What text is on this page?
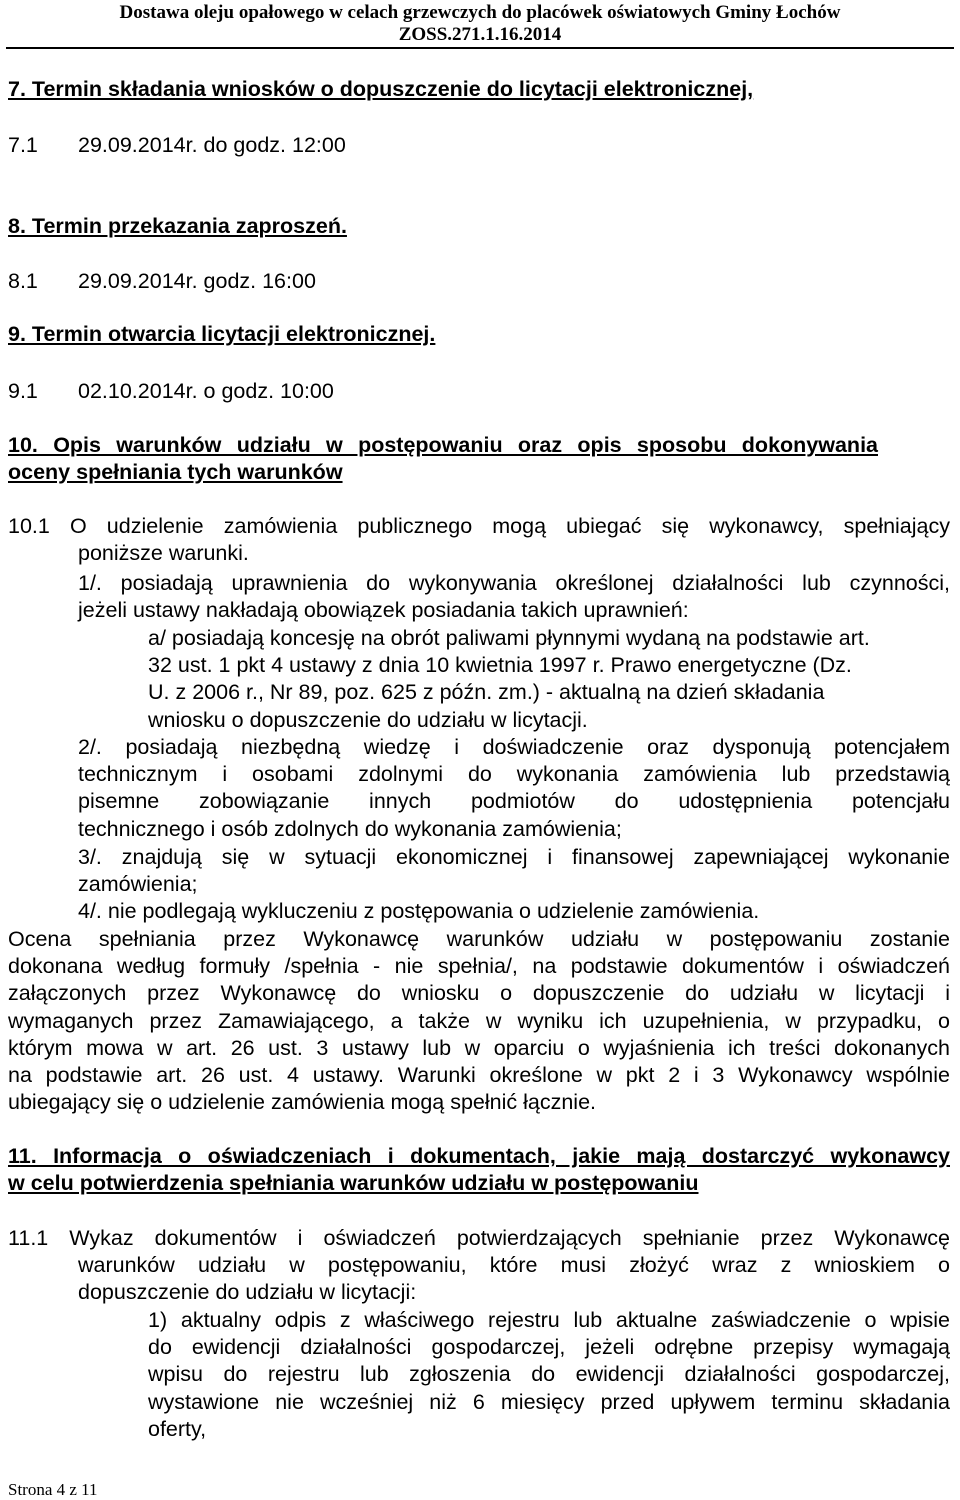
Dostawa oleju opałowego w celach grzewczych do placówek oświatowych Gminy Łochów
ZOSS.271.1.16.2014
7. Termin składania wniosków o dopuszczenie do licytacji elektronicznej,
7.1 29.09.2014r. do godz. 12:00
8. Termin przekazania zaproszeń.
8.1 29.09.2014r. godz. 16:00
9. Termin otwarcia licytacji elektronicznej.
9.1 02.10.2014r. o godz. 10:00
10. Opis warunków udziału w postępowaniu oraz opis sposobu dokonywania
oceny spełniania tych warunków
10.1 O udzielenie zamówienia publicznego mogą ubiegać się wykonawcy, spełniający
poniższe warunki.
1/. posiadają uprawnienia do wykonywania określonej działalności lub czynności,
jeżeli ustawy nakładają obowiązek posiadania takich uprawnień:
a/ posiadają koncesję na obrót paliwami płynnymi wydaną na podstawie art.
32 ust. 1 pkt 4 ustawy z dnia 10 kwietnia 1997 r. Prawo energetyczne (Dz.
U. z 2006 r., Nr 89, poz. 625 z późn. zm.) - aktualną na dzień składania
wniosku o dopuszczenie do udziału w licytacji.
2/. posiadają niezbędną wiedzę i doświadczenie oraz dysponują potencjałem
technicznym i osobami zdolnymi do wykonania zamówienia lub przedstawią
pisemne zobowiązanie innych podmiotów do udostępnienia potencjału
technicznego i osób zdolnych do wykonania zamówienia;
3/. znajdują się w sytuacji ekonomicznej i finansowej zapewniającej wykonanie
zamówienia;
4/. nie podlegają wykluczeniu z postępowania o udzielenie zamówienia.
Ocena spełniania przez Wykonawcę warunków udziału w postępowaniu zostanie
dokonana według formuły /spełnia - nie spełnia/, na podstawie dokumentów i oświadczeń
załączonych przez Wykonawcę do wniosku o dopuszczenie do udziału w licytacji i
wymaganych przez Zamawiającego, a także w wyniku ich uzupełnienia, w przypadku, o
którym mowa w art. 26 ust. 3 ustawy lub w oparciu o wyjaśnienia ich treści dokonanych
na podstawie art. 26 ust. 4 ustawy. Warunki określone w pkt 2 i 3 Wykonawcy wspólnie
ubiegający się o udzielenie zamówienia mogą spełnić łącznie.
11. Informacja o oświadczeniach i dokumentach, jakie mają dostarczyć wykonawcy
w celu potwierdzenia spełniania warunków udziału w postępowaniu
11.1 Wykaz dokumentów i oświadczeń potwierdzających spełnianie przez Wykonawcę
warunków udziału w postępowaniu, które musi złożyć wraz z wnioskiem o
dopuszczenie do udziału w licytacji:
1) aktualny odpis z właściwego rejestru lub aktualne zaświadczenie o wpisie
do ewidencji działalności gospodarczej, jeżeli odrębne przepisy wymagają
wpisu do rejestru lub zgłoszenia do ewidencji działalności gospodarczej,
wystawione nie wcześniej niż 6 miesięcy przed upływem terminu składania
oferty,
Strona 4 z 11
